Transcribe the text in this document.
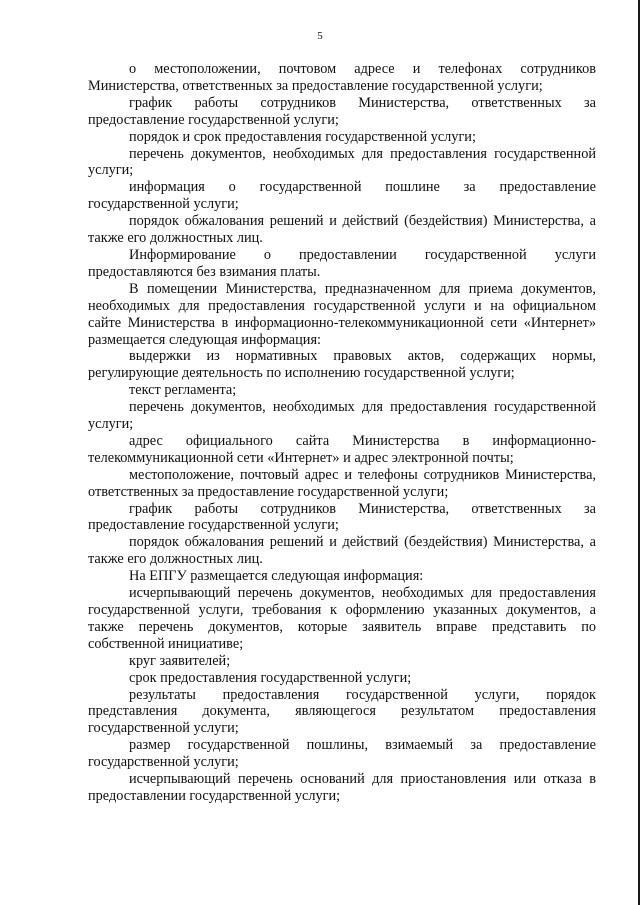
5

о местоположении, почтовом адресе и телефонах сотрудников Министерства, ответственных за предоставление государственной услуги;

график работы сотрудников Министерства, ответственных за предоставление государственной услуги;

порядок и срок предоставления государственной услуги;

перечень документов, необходимых для предоставления государственной услуги;

информация о государственной пошлине за предоставление государственной услуги;

порядок обжалования решений и действий (бездействия) Министерства, а также его должностных лиц.

Информирование о предоставлении государственной услуги предоставляются без взимания платы.

В помещении Министерства, предназначенном для приема документов, необходимых для предоставления государственной услуги и на официальном сайте Министерства в информационно-телекоммуникационной сети «Интернет» размещается следующая информация:

выдержки из нормативных правовых актов, содержащих нормы, регулирующие деятельность по исполнению государственной услуги;

текст регламента;

перечень документов, необходимых для предоставления государственной услуги;

адрес официального сайта Министерства в информационно-телекоммуникационной сети «Интернет» и адрес электронной почты;

местоположение, почтовый адрес и телефоны сотрудников Министерства, ответственных за предоставление государственной услуги;

график работы сотрудников Министерства, ответственных за предоставление государственной услуги;

порядок обжалования решений и действий (бездействия) Министерства, а также его должностных лиц.

На ЕПГУ размещается следующая информация:

исчерпывающий перечень документов, необходимых для предоставления государственной услуги, требования к оформлению указанных документов, а также перечень документов, которые заявитель вправе представить по собственной инициативе;

круг заявителей;

срок предоставления государственной услуги;

результаты предоставления государственной услуги, порядок представления документа, являющегося результатом предоставления государственной услуги;

размер государственной пошлины, взимаемый за предоставление государственной услуги;

исчерпывающий перечень оснований для приостановления или отказа в предоставлении государственной услуги;
